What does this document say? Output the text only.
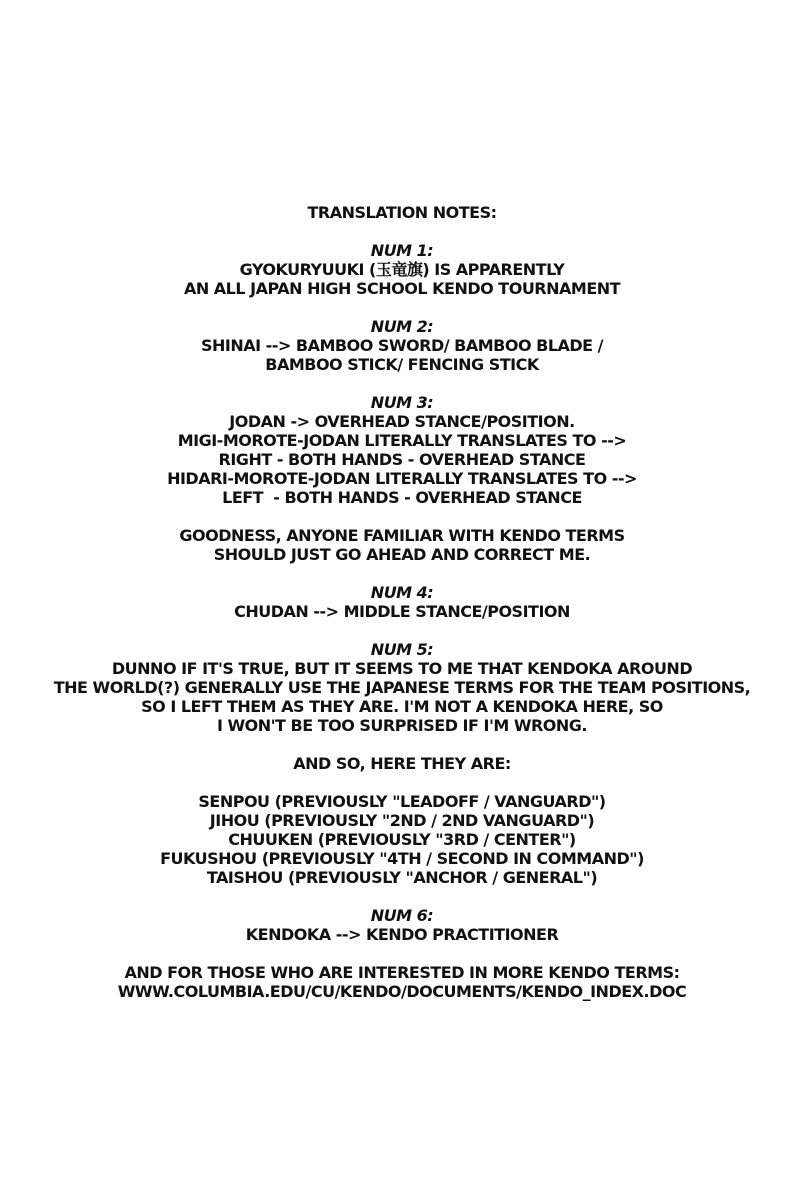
TRANSLATION NOTES:
NUM 1:
GYOKURYUUKI (玉竜旗) IS APPARENTLY
AN ALL JAPAN HIGH SCHOOL KENDO TOURNAMENT
NUM 2:
SHINAI --> BAMBOO SWORD/ BAMBOO BLADE /
BAMBOO STICK/ FENCING STICK
NUM 3:
JODAN -> OVERHEAD STANCE/POSITION.
MIGI-MOROTE-JODAN LITERALLY TRANSLATES TO -->
RIGHT - BOTH HANDS - OVERHEAD STANCE
HIDARI-MOROTE-JODAN LITERALLY TRANSLATES TO -->
LEFT  - BOTH HANDS - OVERHEAD STANCE
GOODNESS, ANYONE FAMILIAR WITH KENDO TERMS
SHOULD JUST GO AHEAD AND CORRECT ME.
NUM 4:
CHUDAN --> MIDDLE STANCE/POSITION
NUM 5:
DUNNO IF IT'S TRUE, BUT IT SEEMS TO ME THAT KENDOKA AROUND
THE WORLD(?) GENERALLY USE THE JAPANESE TERMS FOR THE TEAM POSITIONS,
SO I LEFT THEM AS THEY ARE. I'M NOT A KENDOKA HERE, SO
I WON'T BE TOO SURPRISED IF I'M WRONG.
AND SO, HERE THEY ARE:
SENPOU (PREVIOUSLY "LEADOFF / VANGUARD")
JIHOU (PREVIOUSLY "2ND / 2ND VANGUARD")
CHUUKEN (PREVIOUSLY "3RD / CENTER")
FUKUSHOU (PREVIOUSLY "4TH / SECOND IN COMMAND")
TAISHOU (PREVIOUSLY "ANCHOR / GENERAL")
NUM 6:
KENDOKA --> KENDO PRACTITIONER
AND FOR THOSE WHO ARE INTERESTED IN MORE KENDO TERMS:
WWW.COLUMBIA.EDU/CU/KENDO/DOCUMENTS/KENDO_INDEX.DOC
